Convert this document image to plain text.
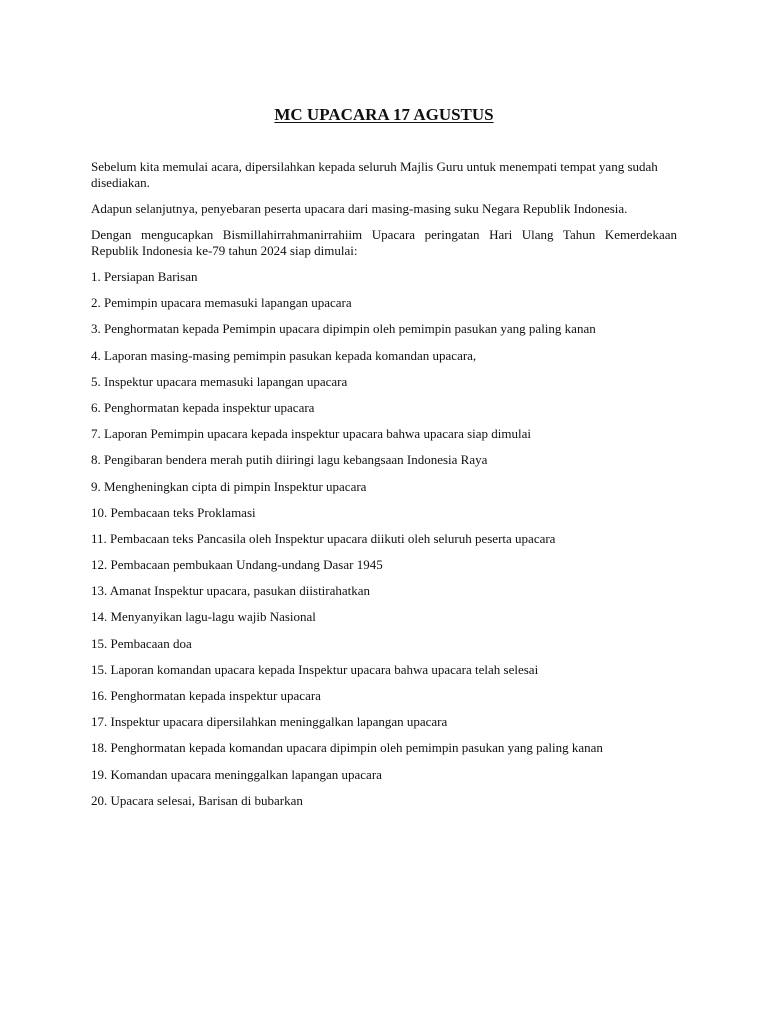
MC UPACARA 17 AGUSTUS

Sebelum kita memulai acara, dipersilahkan kepada seluruh Majlis Guru untuk menempati tempat yang sudah disediakan.

Adapun selanjutnya, penyebaran peserta upacara dari masing-masing suku Negara Republik Indonesia.

Dengan mengucapkan Bismillahirrahmanirrahiim Upacara peringatan Hari Ulang Tahun Kemerdekaan Republik Indonesia ke-79 tahun 2024 siap dimulai:

1. Persiapan Barisan
2. Pemimpin upacara memasuki lapangan upacara
3. Penghormatan kepada Pemimpin upacara dipimpin oleh pemimpin pasukan yang paling kanan
4. Laporan masing-masing pemimpin pasukan kepada komandan upacara,
5. Inspektur upacara memasuki lapangan upacara
6. Penghormatan kepada inspektur upacara
7. Laporan Pemimpin upacara kepada inspektur upacara bahwa upacara siap dimulai
8. Pengibaran bendera merah putih diiringi lagu kebangsaan Indonesia Raya
9. Mengheningkan cipta di pimpin Inspektur upacara
10. Pembacaan teks Proklamasi
11. Pembacaan teks Pancasila oleh Inspektur upacara diikuti oleh seluruh peserta upacara
12. Pembacaan pembukaan Undang-undang Dasar 1945
13. Amanat Inspektur upacara, pasukan diistirahatkan
14. Menyanyikan lagu-lagu wajib Nasional
15. Pembacaan doa
15. Laporan komandan upacara kepada Inspektur upacara bahwa upacara telah selesai
16. Penghormatan kepada inspektur upacara
17. Inspektur upacara dipersilahkan meninggalkan lapangan upacara
18. Penghormatan kepada komandan upacara dipimpin oleh pemimpin pasukan yang paling kanan
19. Komandan upacara meninggalkan lapangan upacara
20. Upacara selesai, Barisan di bubarkan
